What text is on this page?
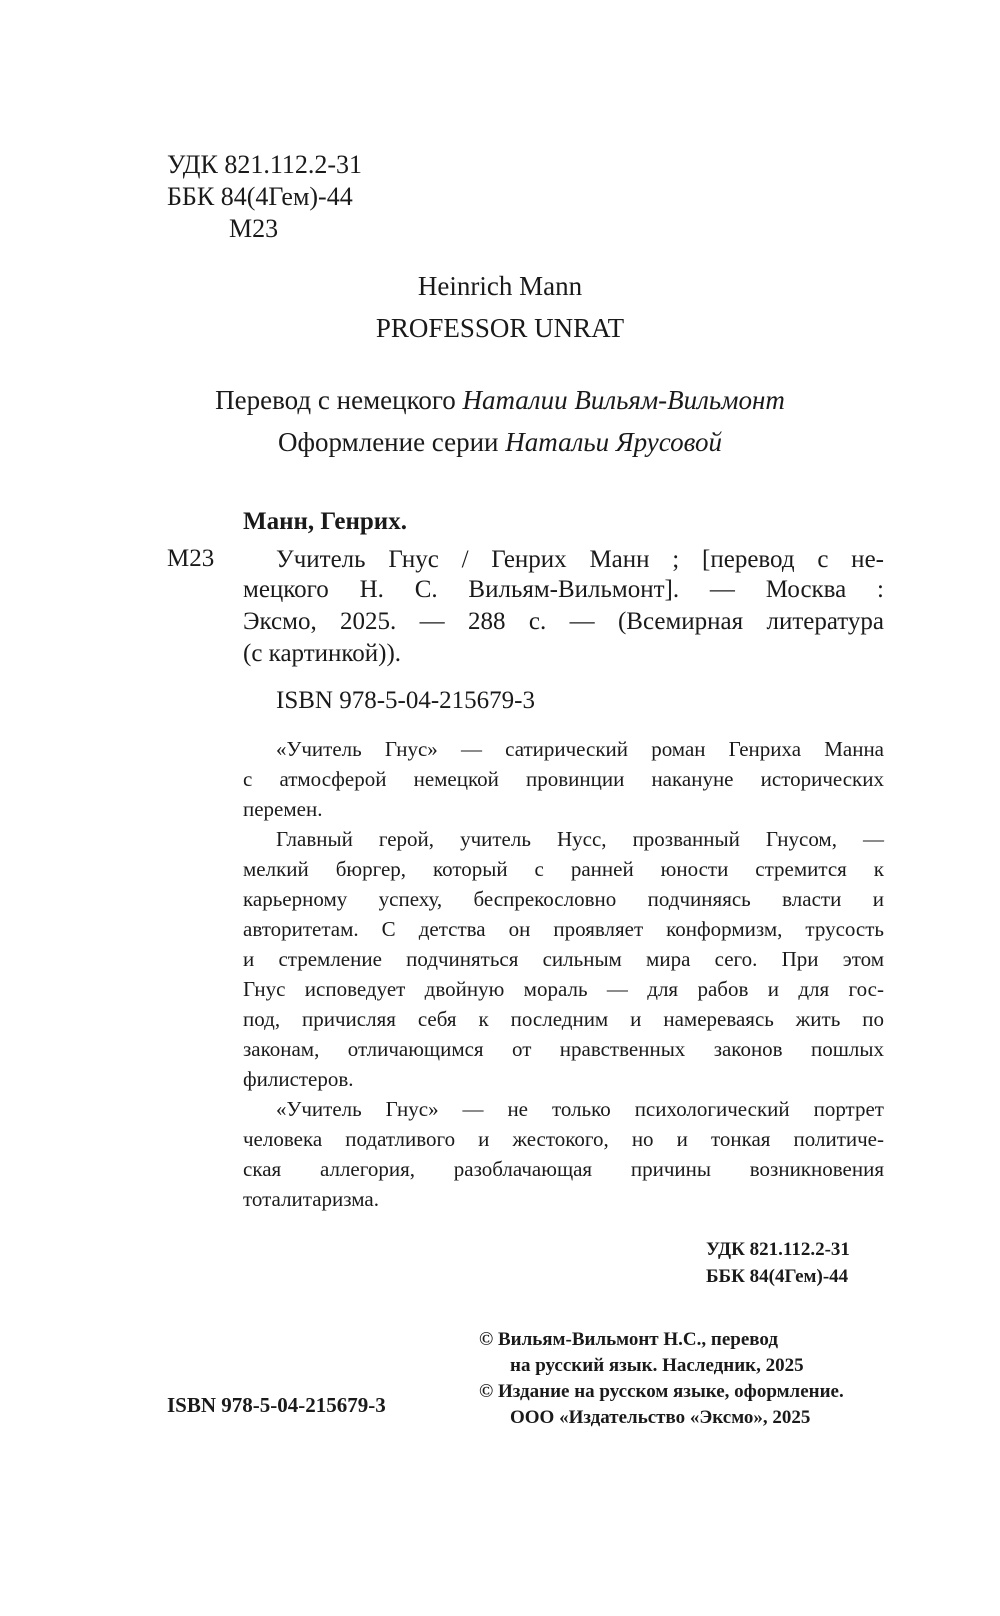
УДК 821.112.2-31
ББК 84(4Гем)-44
М23
Heinrich Mann
PROFESSOR UNRAT
Перевод с немецкого Наталии Вильям-Вильмонт
Оформление серии Натальи Ярусовой
Манн, Генрих.
М23 Учитель Гнус / Генрих Манн ; [перевод с не-
мецкого Н. С. Вильям-Вильмонт]. — Москва :
Эксмо, 2025. — 288 с. — (Всемирная литература
(с картинкой)).
ISBN 978-5-04-215679-3
«Учитель Гнус» — сатирический роман Генриха Манна
с атмосферой немецкой провинции накануне исторических
перемен.
Главный герой, учитель Нусс, прозванный Гнусом, —
мелкий бюргер, который с ранней юности стремится к
карьерному успеху, беспрекословно подчиняясь власти и
авторитетам. С детства он проявляет конформизм, трусость
и стремление подчиняться сильным мира сего. При этом
Гнус исповедует двойную мораль — для рабов и для гос-
под, причисляя себя к последним и намереваясь жить по
законам, отличающимся от нравственных законов пошлых
филистеров.
«Учитель Гнус» — не только психологический портрет
человека податливого и жестокого, но и тонкая политиче-
ская аллегория, разоблачающая причины возникновения
тоталитаризма.
УДК 821.112.2-31
ББК 84(4Гем)-44
© Вильям-Вильмонт Н.С., перевод
на русский язык. Наследник, 2025
© Издание на русском языке, оформление.
ООО «Издательство «Эксмо», 2025
ISBN 978-5-04-215679-3
